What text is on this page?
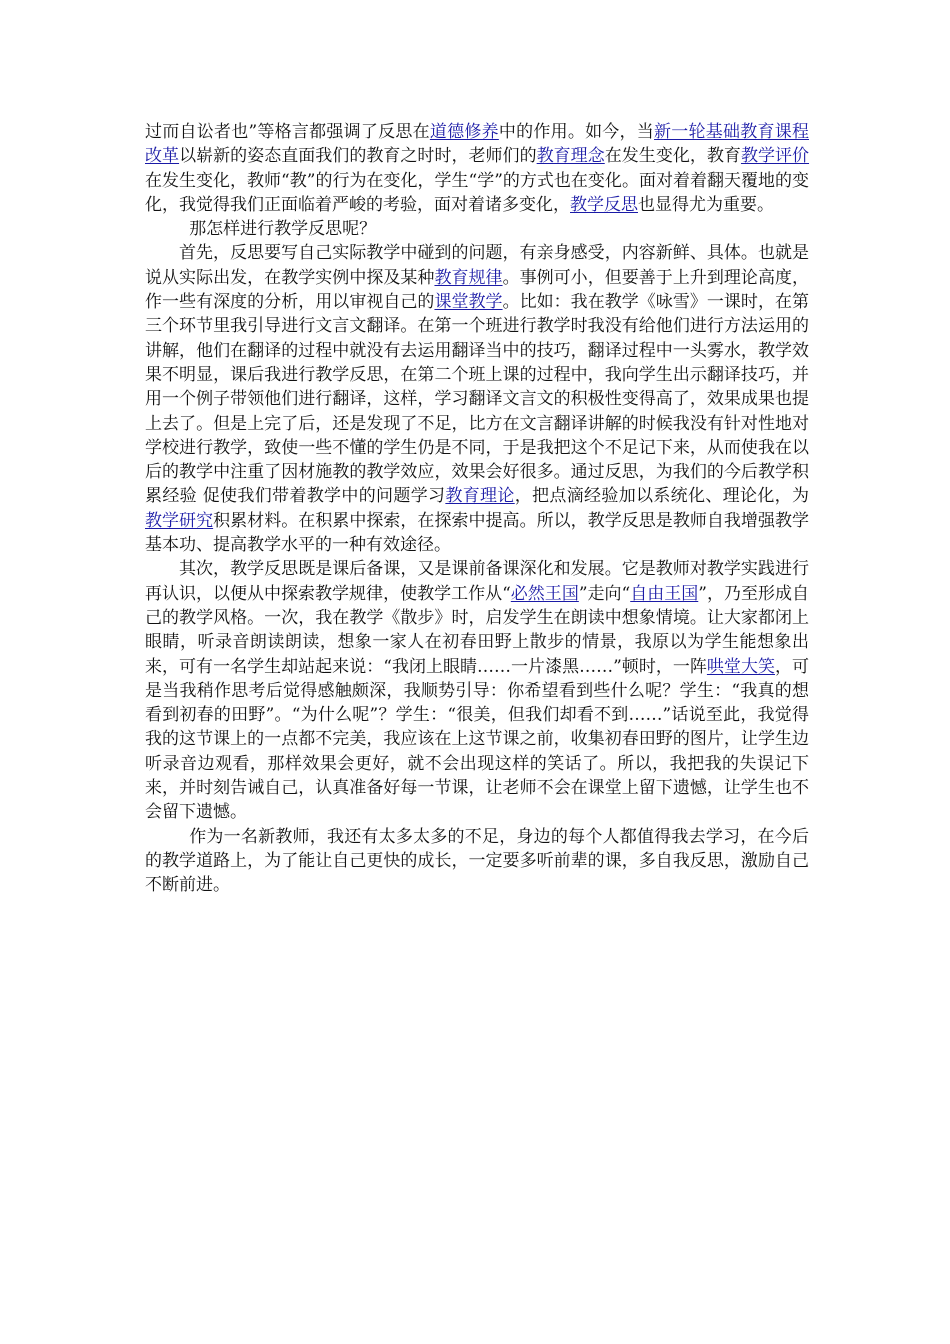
过而自讼者也”等格言都强调了反思在道德修养中的作用。如今，当新一轮基础教育课程改革以崭新的姿态直面我们的教育之时时，老师们的教育理念在发生变化，教育教学评价在发生变化，教师“教”的行为在变化，学生“学”的方式也在变化。面对着着翻天覆地的变化，我觉得我们正面临着严峻的考验，面对着诸多变化，教学反思也显得尤为重要。

那怎样进行教学反思呢？

首先，反思要写自己实际教学中碰到的问题，有亲身感受，内容新鲜、具体。也就是说从实际出发，在教学实例中探及某种教育规律。事例可小，但要善于上升到理论高度，作一些有深度的分析，用以审视自己的课堂教学。比如：我在教学《咏雪》一课时，在第三个环节里我引导进行文言文翻译。在第一个班进行教学时我没有给他们进行方法运用的讲解，他们在翻译的过程中就没有去运用翻译当中的技巧，翻译过程中一头雾水，教学效果不明显，课后我进行教学反思，在第二个班上课的过程中，我向学生出示翻译技巧，并用一个例子带领他们进行翻译，这样，学习翻译文言文的积极性变得高了，效果成果也提上去了。但是上完了后，还是发现了不足，比方在文言翻译讲解的时候我没有针对性地对学校进行教学，致使一些不懂的学生仍是不同，于是我把这个不足记下来，从而使我在以后的教学中注重了因材施教的教学效应，效果会好很多。通过反思，为我们的今后教学积累经验 促使我们带着教学中的问题学习教育理论，把点滴经验加以系统化、理论化，为教学研究积累材料。在积累中探索，在探索中提高。所以，教学反思是教师自我增强教学基本功、提高教学水平的一种有效途径。

其次，教学反思既是课后备课，又是课前备课深化和发展。它是教师对教学实践进行再认识，以便从中探索教学规律，使教学工作从“必然王国”走向“自由王国”，乃至形成自己的教学风格。一次，我在教学《散步》时，启发学生在朗读中想象情境。让大家都闭上眼睛，听录音朗读朗读，想象一家人在初春田野上散步的情景，我原以为学生能想象出来，可有一名学生却站起来说：“我闭上眼睛……一片漆黑……”顿时，一阵哄堂大笑，可是当我稍作思考后觉得感触颇深，我顺势引导：你希望看到些什么呢？学生：“我真的想看到初春的田野”。“为什么呢”？学生：“很美，但我们却看不到……”话说至此，我觉得我的这节课上的一点都不完美，我应该在上这节课之前，收集初春田野的图片，让学生边听录音边观看，那样效果会更好，就不会出现这样的笑话了。所以，我把我的失误记下来，并时刻告诫自己，认真准备好每一节课，让老师不会在课堂上留下遗憾，让学生也不会留下遗憾。

作为一名新教师，我还有太多太多的不足，身边的每个人都值得我去学习，在今后的教学道路上，为了能让自己更快的成长，一定要多听前辈的课，多自我反思，激励自己不断前进。
